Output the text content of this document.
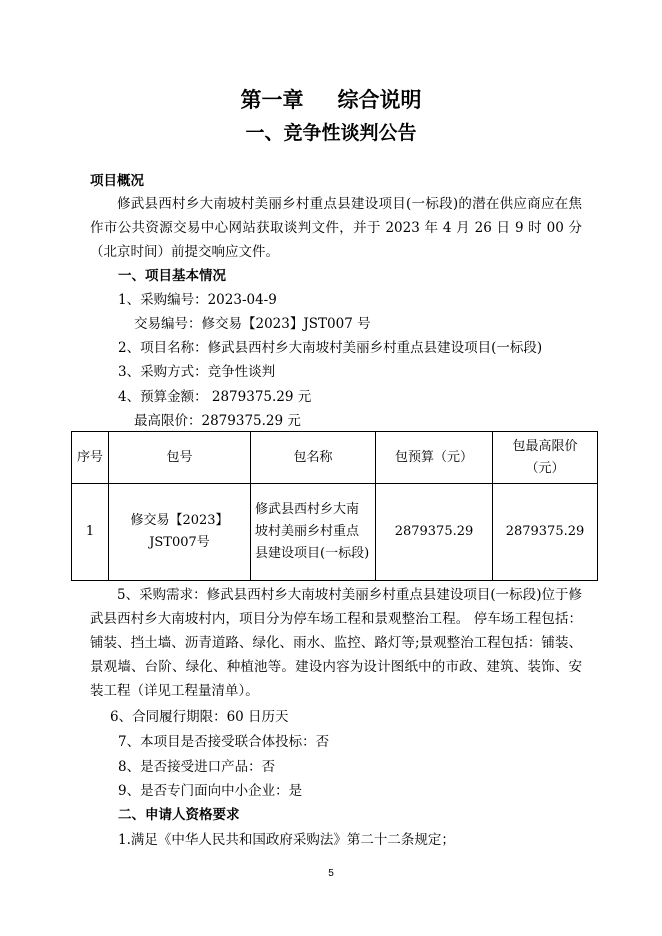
第一章 综合说明
一、竞争性谈判公告
项目概况
修武县西村乡大南坡村美丽乡村重点县建设项目(一标段)的潜在供应商应在焦作市公共资源交易中心网站获取谈判文件，并于 2023 年 4 月 26 日 9 时 00 分（北京时间）前提交响应文件。
一、项目基本情况
1、采购编号：2023-04-9
交易编号：修交易【2023】JST007 号
2、项目名称：修武县西村乡大南坡村美丽乡村重点县建设项目(一标段)
3、采购方式：竞争性谈判
4、预算金额： 2879375.29 元
最高限价：2879375.29 元
序号	包号	包名称	包预算（元）	包最高限价（元）
1	修交易【2023】JST007号	修武县西村乡大南坡村美丽乡村重点县建设项目(一标段)	2879375.29	2879375.29
5、采购需求：修武县西村乡大南坡村美丽乡村重点县建设项目(一标段)位于修武县西村乡大南坡村内，项目分为停车场工程和景观整治工程。 停车场工程包括：铺装、挡土墙、沥青道路、绿化、雨水、监控、路灯等;景观整治工程包括：铺装、景观墙、台阶、绿化、种植池等。建设内容为设计图纸中的市政、建筑、装饰、安装工程（详见工程量清单）。
6、合同履行期限：60 日历天
7、本项目是否接受联合体投标：否
8、是否接受进口产品：否
9、是否专门面向中小企业：是
二、申请人资格要求
1.满足《中华人民共和国政府采购法》第二十二条规定；
5
